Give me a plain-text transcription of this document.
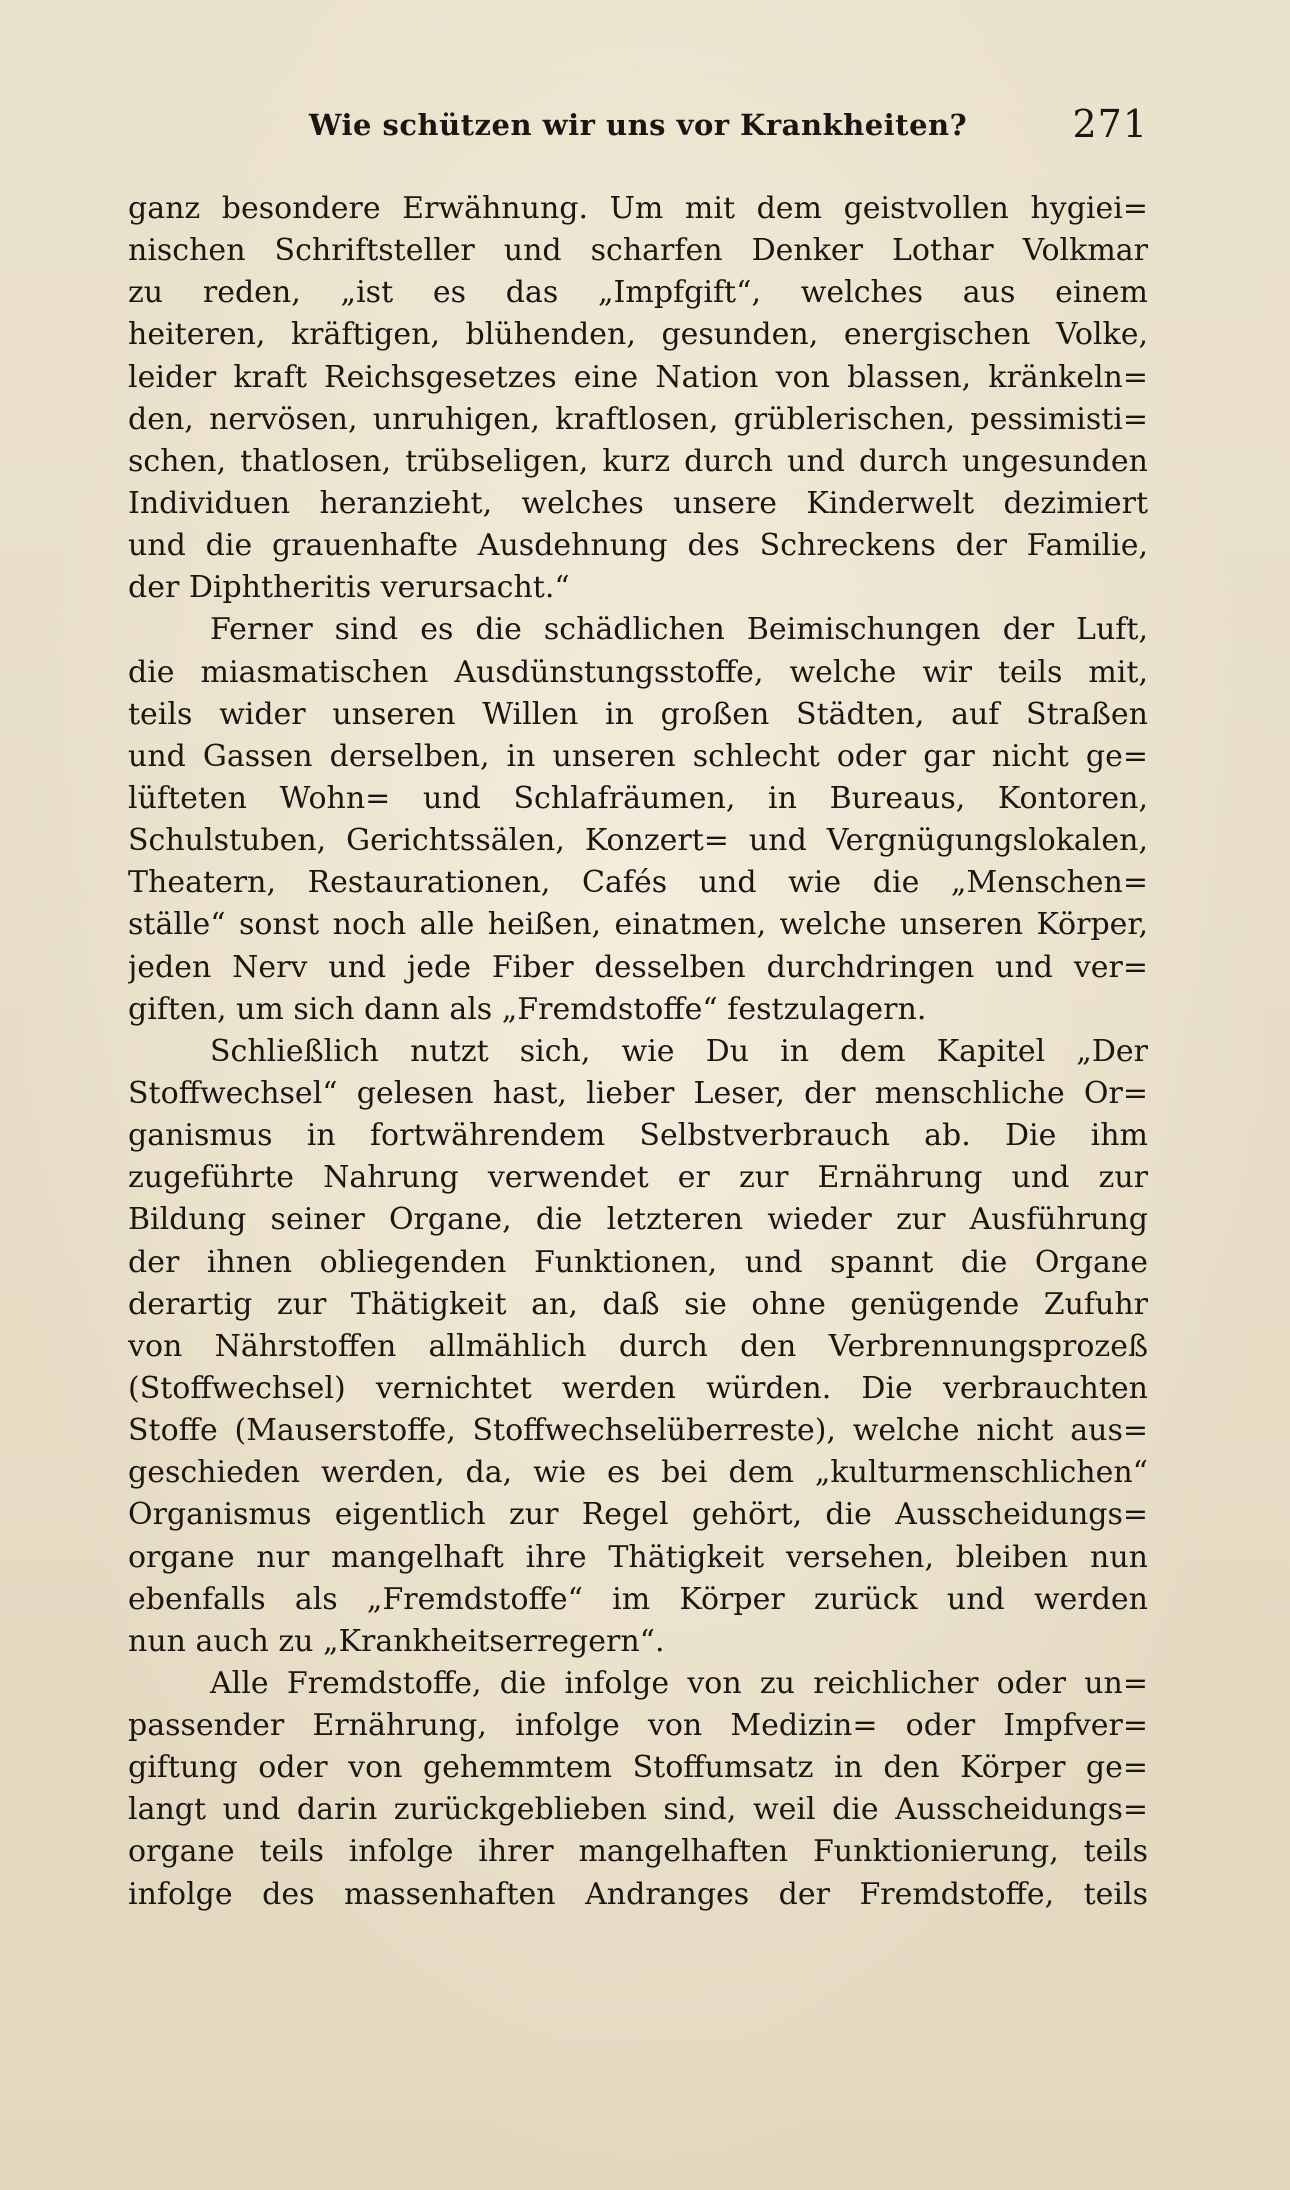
Wie schützen wir uns vor Krankheiten?	271
ganz besondere Erwähnung. Um mit dem geistvollen hygiei=
nischen Schriftsteller und scharfen Denker Lothar Volkmar
zu reden, „ist es das „Impfgift“, welches aus einem
heiteren, kräftigen, blühenden, gesunden, energischen Volke,
leider kraft Reichsgesetzes eine Nation von blassen, kränkeln=
den, nervösen, unruhigen, kraftlosen, grüblerischen, pessimisti=
schen, thatlosen, trübseligen, kurz durch und durch ungesunden
Individuen heranzieht, welches unsere Kinderwelt dezimiert
und die grauenhafte Ausdehnung des Schreckens der Familie,
der Diphtheritis verursacht.“
Ferner sind es die schädlichen Beimischungen der Luft,
die miasmatischen Ausdünstungsstoffe, welche wir teils mit,
teils wider unseren Willen in großen Städten, auf Straßen
und Gassen derselben, in unseren schlecht oder gar nicht ge=
lüfteten Wohn= und Schlafräumen, in Bureaus, Kontoren,
Schulstuben, Gerichtssälen, Konzert= und Vergnügungslokalen,
Theatern, Restaurationen, Cafés und wie die „Menschen=
ställe“ sonst noch alle heißen, einatmen, welche unseren Körper,
jeden Nerv und jede Fiber desselben durchdringen und ver=
giften, um sich dann als „Fremdstoffe“ festzulagern.
Schließlich nutzt sich, wie Du in dem Kapitel „Der
Stoffwechsel“ gelesen hast, lieber Leser, der menschliche Or=
ganismus in fortwährendem Selbstverbrauch ab. Die ihm
zugeführte Nahrung verwendet er zur Ernährung und zur
Bildung seiner Organe, die letzteren wieder zur Ausführung
der ihnen obliegenden Funktionen, und spannt die Organe
derartig zur Thätigkeit an, daß sie ohne genügende Zufuhr
von Nährstoffen allmählich durch den Verbrennungsprozeß
(Stoffwechsel) vernichtet werden würden. Die verbrauchten
Stoffe (Mauserstoffe, Stoffwechselüberreste), welche nicht aus=
geschieden werden, da, wie es bei dem „kulturmenschlichen“
Organismus eigentlich zur Regel gehört, die Ausscheidungs=
organe nur mangelhaft ihre Thätigkeit versehen, bleiben nun
ebenfalls als „Fremdstoffe“ im Körper zurück und werden
nun auch zu „Krankheitserregern“.
Alle Fremdstoffe, die infolge von zu reichlicher oder un=
passender Ernährung, infolge von Medizin= oder Impfver=
giftung oder von gehemmtem Stoffumsatz in den Körper ge=
langt und darin zurückgeblieben sind, weil die Ausscheidungs=
organe teils infolge ihrer mangelhaften Funktionierung, teils
infolge des massenhaften Andranges der Fremdstoffe, teils
